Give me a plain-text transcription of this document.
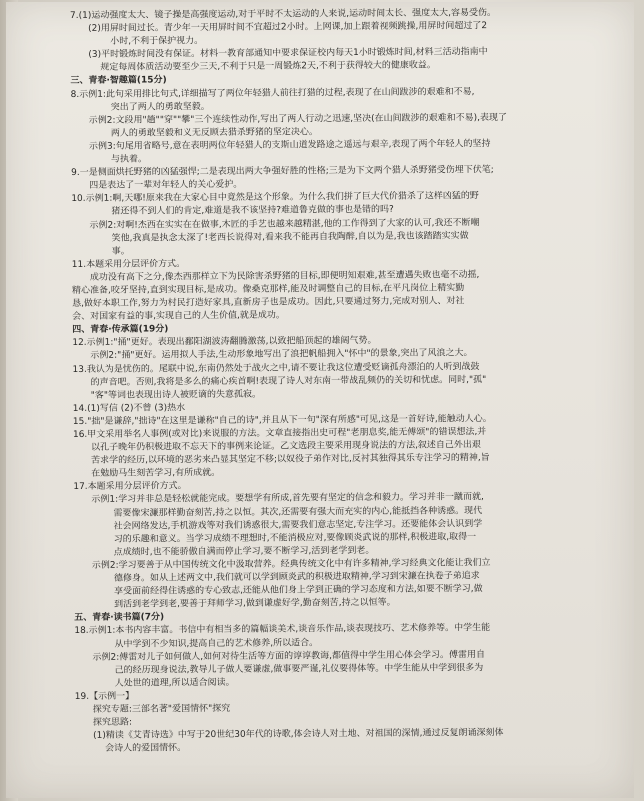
7.(1)运动强度太大、镜子操是高强度运动,对于平时不太运动的人来说,运动时间太长、强度太大,容易受伤。

(2)用屏时间过长。青少年一天用屏时间不宜超过2小时。上网课,加上跟着视频跳操,用屏时间超过了2

小时,不利于保护视力。

(3)平时锻炼时间没有保证。材料一教育部通知中要求保证校内每天1小时锻炼时间,材料三活动指南中

规定每周体质活动要至少三天,不利于只是一周锻炼2天,不利于获得较大的健康收益。

三、青春·智趣篇(15分)

8.示例1:此句采用排比句式,详细描写了两位年轻猎人前往打猎的过程,表现了在山间跋涉的艰难和不易,

突出了两人的勇敢坚毅。

示例2:文段用"趟""穿""攀"三个连续性动作,写出了两人行动之迅速,坚决(在山间跋涉的艰难和不易),表现了

两人的勇敢坚毅和义无反顾去猎杀野猪的坚定决心。

示例3:句尾用省略号,意在表明两位年轻猎人的支斯山道发路途之遥远与艰辛,表现了两个年轻人的坚持

与执着。

9.一是侧面烘托野猪的凶猛强悍;二是表现出两大争强好胜的性格;三是为下文两个猎人杀野猪受伤埋下伏笔;

四是表达了一辈对年轻人的关心爱护。

10.示例1:啊,天哪!原来我在大家心目中竟然是这个形象。为什么我们拼了巨大代价猎杀了这样凶猛的野

猪还得不到人们的肯定,难道是我不该坚持?难道鲁克做的事也是错的吗?

示例2:对啊!杰西在实实在在做事,木匠的手艺也越来越精湛,他的工作得到了大家的认可,我还不断嘲

笑他,我真是执念太深了!老西长说得对,看来我不能再自我陶醉,自以为是,我也该踏踏实实做

事。

11.本题采用分层评价方式。

成功没有高下之分,像杰西那样立下为民除害杀野猪的目标,即便明知艰难,甚至遭遇失败也毫不动摇,

精心准备,咬牙坚持,直到实现目标,是成功。像桑克那样,能及时调整自己的目标,在平凡岗位上精实勤

恳,做好本职工作,努力为村民打造好家具,直新房子也是成功。因此,只要通过努力,完成对别人、对社

会、对国家有益的事,实现自己的人生价值,就是成功。

四、青春·传承篇(19分)

12.示例1:"捅"更好。表现出鄱阳湖波涛翻腾激荡,以致把船顶起的雄阔气势。

示例2:"捅"更好。运用拟人手法,生动形象地写出了浪把帆船拥入"怀中"的景象,突出了风浪之大。

13.我认为是忧伤的。尾联中说,东南仍然处于战火之中,请不要让我这位遭受贬谪孤舟漂泊的人听到战鼓

的声音吧。否则,我将是多么的痛心疾首啊!表现了诗人对东南一带战乱频仍的关切和忧虑。同时,"孤"

"客"等词也表现出诗人被贬谪的失意孤寂。

14.(1)写信 (2)不曾 (3)热水

15."拙"是谦辞,"拙诗"在这里是谦称"自己的诗",并且从下一句"深有所感"可见,这是一首好诗,能触动人心。

16.甲文采用举名人事例(或对比)来说服的方法。文章直接指出史可程"老朋息奖,能无傅颂"的错误想法,并

以孔子晚年仍积极进取不忘天下的事例来论证。乙文选段主要采用现身说法的方法,叙述自己外出艰

苦求学的经历,以环境的恶劣来凸显其坚定不移;以奴役子弟作对比,反衬其独得其乐专注学习的精神,旨

在勉励马生刻苦学习,有所成就。

17.本题采用分层评价方式。

示例1:学习并非总是轻松就能完成。要想学有所成,首先要有坚定的信念和毅力。学习并非一蹴而就,

需要像宋濂那样勤奋刻苦,持之以恒。其次,还需要有强大而充实的内心,能抵挡各种诱惑。现代

社会网络发达,手机游戏等对我们诱惑很大,需要我们意志坚定,专注学习。还要能体会认识到学

习的乐趣和意义。当学习成绩不理想时,不能消极应对,要像顾炎武说的那样,积极进取,取得一

点成绩时,也不能骄傲自满而停止学习,要不断学习,活到老学到老。

示例2:学习要善于从中国传统文化中汲取营养。经典传统文化中有许多精神,学习经典文化能让我们立

德修身。如从上述两文中,我们就可以学到顾炎武的积极进取精神,学习到宋濂在执卷子弟追求

享受面前经得住诱惑的专心致志,还能从他们身上学到正确的学习态度和方法,如要不断学习,做

到活到老学到老,要善于拜师学习,做到谦虚好学,勤奋刻苦,持之以恒等。

五、青春·读书篇(7分)

18.示例1:本书内容丰富。书信中有相当多的篇幅谈美术,谈音乐作品,谈表现技巧、艺术修养等。中学生能

从中学到不少知识,提高自己的艺术修养,所以适合。

示例2:傅雷对儿子如何做人,如何对待生活等方面的谆谆教诲,都值得中学生用心体会学习。傅雷用自

己的经历现身说法,教导儿子做人要谦虚,做事要严谨,礼仪要得体等。中学生能从中学到很多为

人处世的道理,所以适合阅读。

19.【示例一】

探究专题:三部名著"爱国情怀"探究

探究思路:

(1)精读《艾青诗选》中写于20世纪30年代的诗歌,体会诗人对土地、对祖国的深情,通过反复朗诵深刻体

会诗人的爱国情怀。
